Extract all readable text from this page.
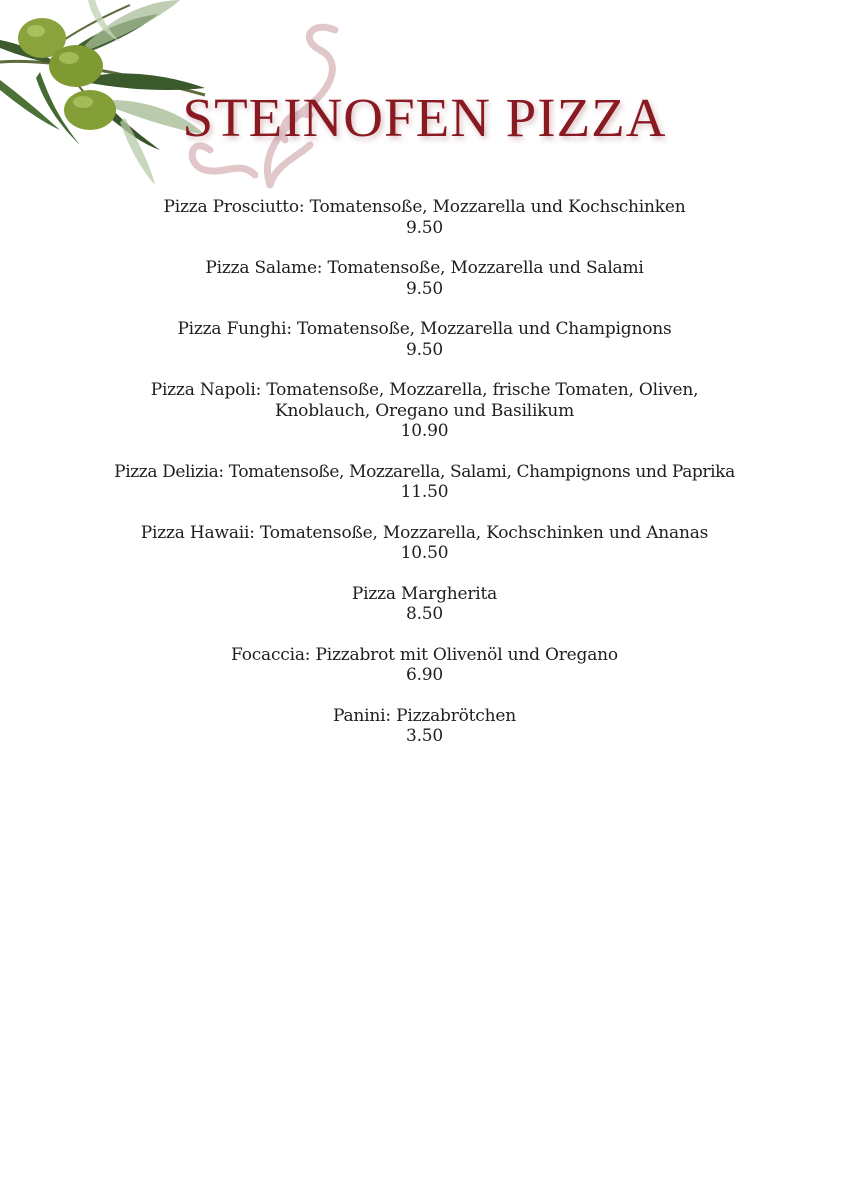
STEINOFEN PIZZA
Pizza Prosciutto: Tomatensoße, Mozzarella und Kochschinken
9.50
Pizza Salame: Tomatensoße, Mozzarella und Salami
9.50
Pizza Funghi: Tomatensoße, Mozzarella und Champignons
9.50
Pizza Napoli: Tomatensoße, Mozzarella, frische Tomaten, Oliven,
Knoblauch, Oregano und Basilikum
10.90
Pizza Delizia: Tomatensoße, Mozzarella, Salami, Champignons und Paprika
11.50
Pizza Hawaii: Tomatensoße, Mozzarella, Kochschinken und Ananas
10.50
Pizza Margherita
8.50
Focaccia: Pizzabrot mit Olivenöl und Oregano
6.90
Panini: Pizzabrötchen
3.50
